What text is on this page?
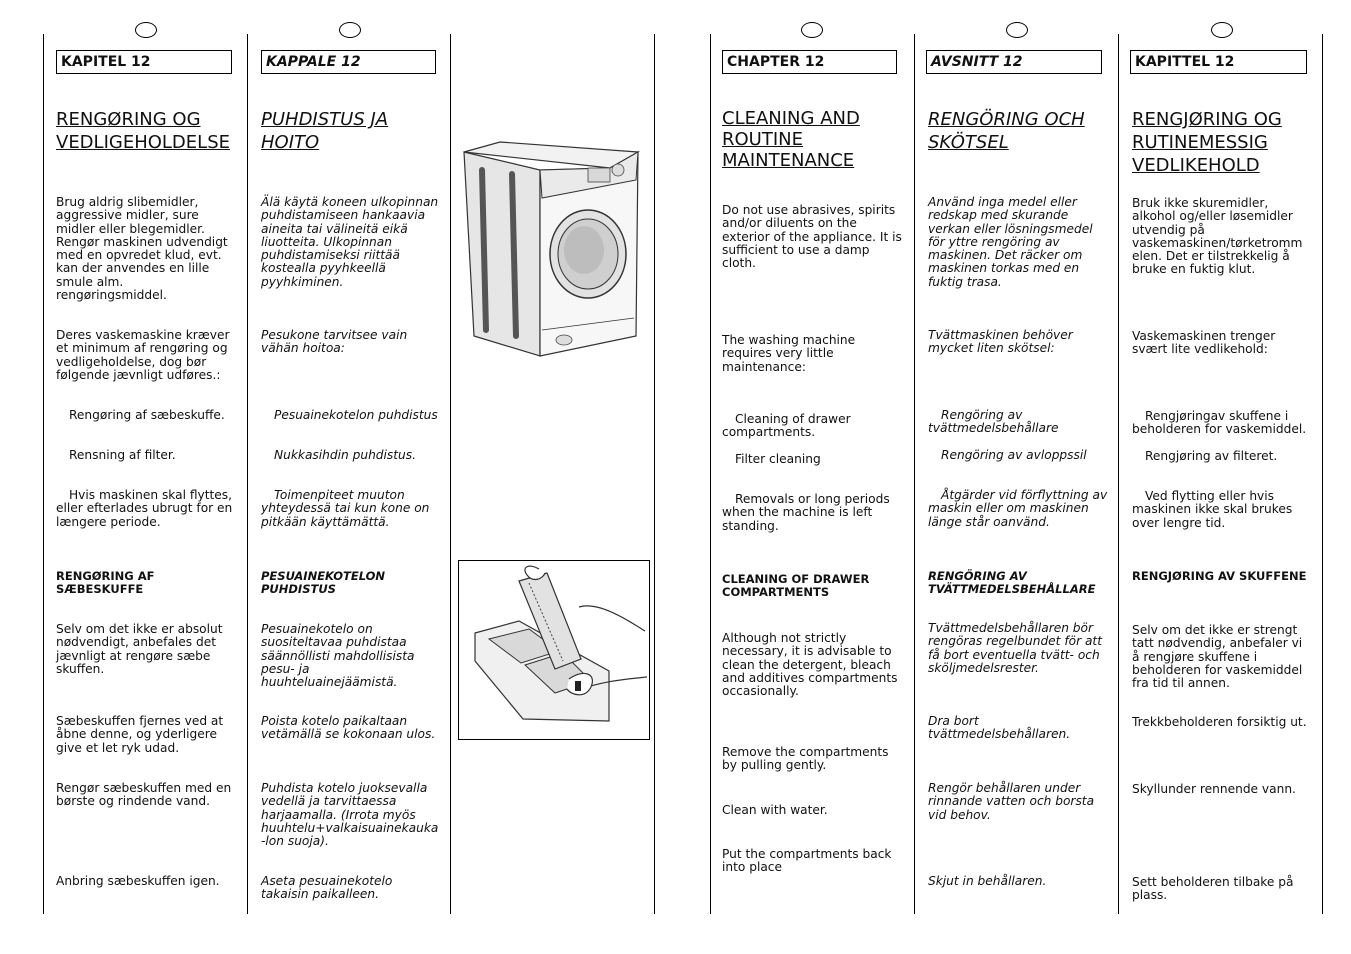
KAPITEL 12
RENGØRING OG VEDLIGEHOLDELSE

Brug aldrig slibemidler, aggressive midler, sure midler eller blegemidler. Rengør maskinen udvendigt med en opvredet klud, evt. kan der anvendes en lille smule alm. rengøringsmiddel.

Deres vaskemaskine kræver et minimum af rengøring og vedligeholdelse, dog bør følgende jævnligt udføres.:

Rengøring af sæbeskuffe.

Rensning af filter.

Hvis maskinen skal flyttes, eller efterlades ubrugt for en længere periode.

RENGØRING AF SÆBESKUFFE

Selv om det ikke er absolut nødvendigt, anbefales det jævnligt at rengøre sæbe skuffen.

Sæbeskuffen fjernes ved at åbne denne, og yderligere give et let ryk udad.

Rengør sæbeskuffen med en børste og rindende vand.

Anbring sæbeskuffen igen.

KAPPALE 12
PUHDISTUS JA HOITO

Älä käytä koneen ulkopinnan puhdistamiseen hankaavia aineita tai välineitä eikä liuotteita. Ulkopinnan puhdistamiseksi riittää kostealla pyyhkeellä pyyhkiminen.

Pesukone tarvitsee vain vähän hoitoa:

Pesuainekotelon puhdistus

Nukkasihdin puhdistus.

Toimenpiteet muuton yhteydessä tai kun kone on pitkään käyttämättä.

PESUAINEKOTELON PUHDISTUS

Pesuainekotelo on suositeltavaa puhdistaa säännöllisti mahdollisista pesu- ja huuhteluainejäämistä.

Poista kotelo paikaltaan vetämällä se kokonaan ulos.

Puhdista kotelo juoksevalla vedellä ja tarvittaessa harjaamalla. (Irrota myös huuhtelu+valkaisuainekauka -lon suoja).

Aseta pesuainekotelo takaisin paikalleen.

CHAPTER 12
CLEANING AND ROUTINE MAINTENANCE

Do not use abrasives, spirits and/or diluents on the exterior of the appliance. It is sufficient to use a damp cloth.

The washing machine requires very little maintenance:

Cleaning of drawer compartments.

Filter cleaning

Removals or long periods when the machine is left standing.

CLEANING OF DRAWER COMPARTMENTS

Although not strictly necessary, it is advisable to clean the detergent, bleach and additives compartments occasionally.

Remove the compartments by pulling gently.

Clean with water.

Put the compartments back into place

AVSNITT 12
RENGÖRING OCH SKÖTSEL

Använd inga medel eller redskap med skurande verkan eller lösningsmedel för yttre rengöring av maskinen. Det räcker om maskinen torkas med en fuktig trasa.

Tvättmaskinen behöver mycket liten skötsel:

Rengöring av tvättmedelsbehållare

Rengöring av avloppssil

Åtgärder vid förflyttning av maskin eller om maskinen länge står oanvänd.

RENGÖRING AV TVÄTTMEDELSBEHÅLLARE

Tvättmedelsbehållaren bör rengöras regelbundet för att få bort eventuella tvätt- och sköljmedelsrester.

Dra bort tvättmedelsbehållaren.

Rengör behållaren under rinnande vatten och borsta vid behov.

Skjut in behållaren.

KAPITTEL 12
RENGJØRING OG RUTINEMESSIG VEDLIKEHOLD

Bruk ikke skuremidler, alkohol og/eller løsemidler utvendig på vaskemaskinen/tørketromm elen. Det er tilstrekkelig å bruke en fuktig klut.

Vaskemaskinen trenger svært lite vedlikehold:

Rengjøringav skuffene i beholderen for vaskemiddel.

Rengjøring av filteret.

Ved flytting eller hvis maskinen ikke skal brukes over lengre tid.

RENGJØRING AV SKUFFENE

Selv om det ikke er strengt tatt nødvendig, anbefaler vi å rengjøre skuffene i beholderen for vaskemiddel fra tid til annen.

Trekkbeholderen forsiktig ut.

Skyllunder rennende vann.

Sett beholderen tilbake på plass.
